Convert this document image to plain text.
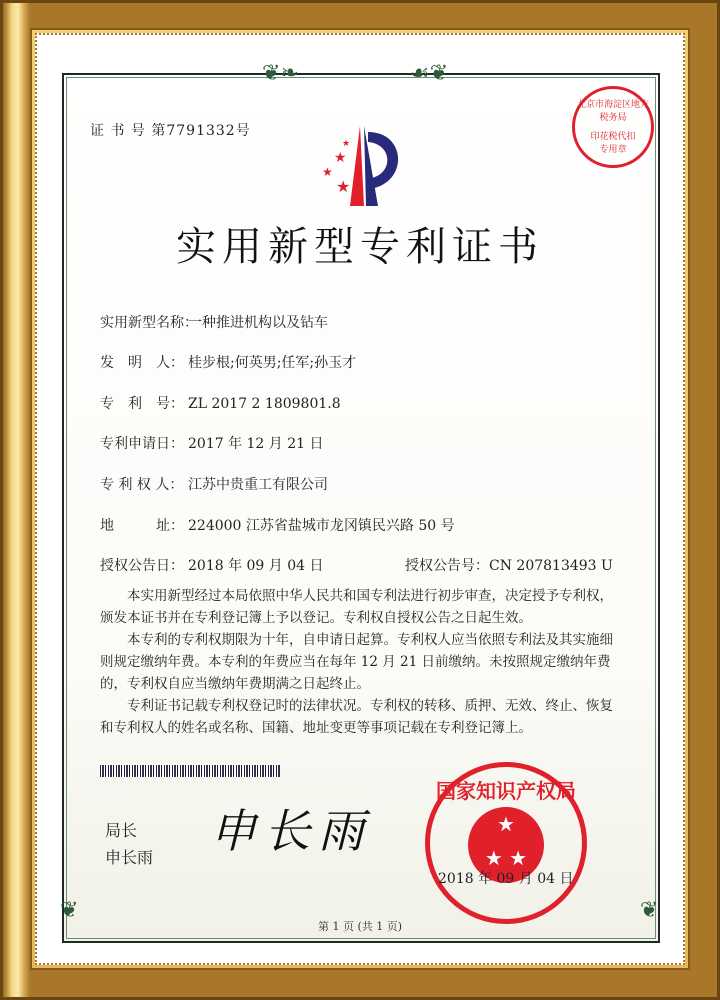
❦❧	☙❦
❦	❦
证 书 号 第7791332号
★
★
★
★
北京市海淀区地方税务局
印花税代扣专用章
实用新型专利证书
实用新型名称：一种推进机构以及钻车
发　明　人： 桂步根;何英男;任军;孙玉才
专　利　号： ZL 2017 2 1809801.8
专利申请日： 2017 年 12 月 21 日
专 利 权 人： 江苏中贵重工有限公司
地　　　址： 224000 江苏省盐城市龙冈镇民兴路 50 号
授权公告日： 2018 年 09 月 04 日	授权公告号：CN 207813493 U

本实用新型经过本局依照中华人民共和国专利法进行初步审查，决定授予专利权，颁发本证书并在专利登记簿上予以登记。专利权自授权公告之日起生效。

本专利的专利权期限为十年，自申请日起算。专利权人应当依照专利法及其实施细则规定缴纳年费。本专利的年费应当在每年 12 月 21 日前缴纳。未按照规定缴纳年费的，专利权自应当缴纳年费期满之日起终止。

专利证书记载专利权登记时的法律状况。专利权的转移、质押、无效、终止、恢复和专利权人的姓名或名称、国籍、地址变更等事项记载在专利登记簿上。

局长
申长雨 申长雨
国家知识产权局
★
★ ★
2018 年 09 月 04 日
第 1 页 (共 1 页)
